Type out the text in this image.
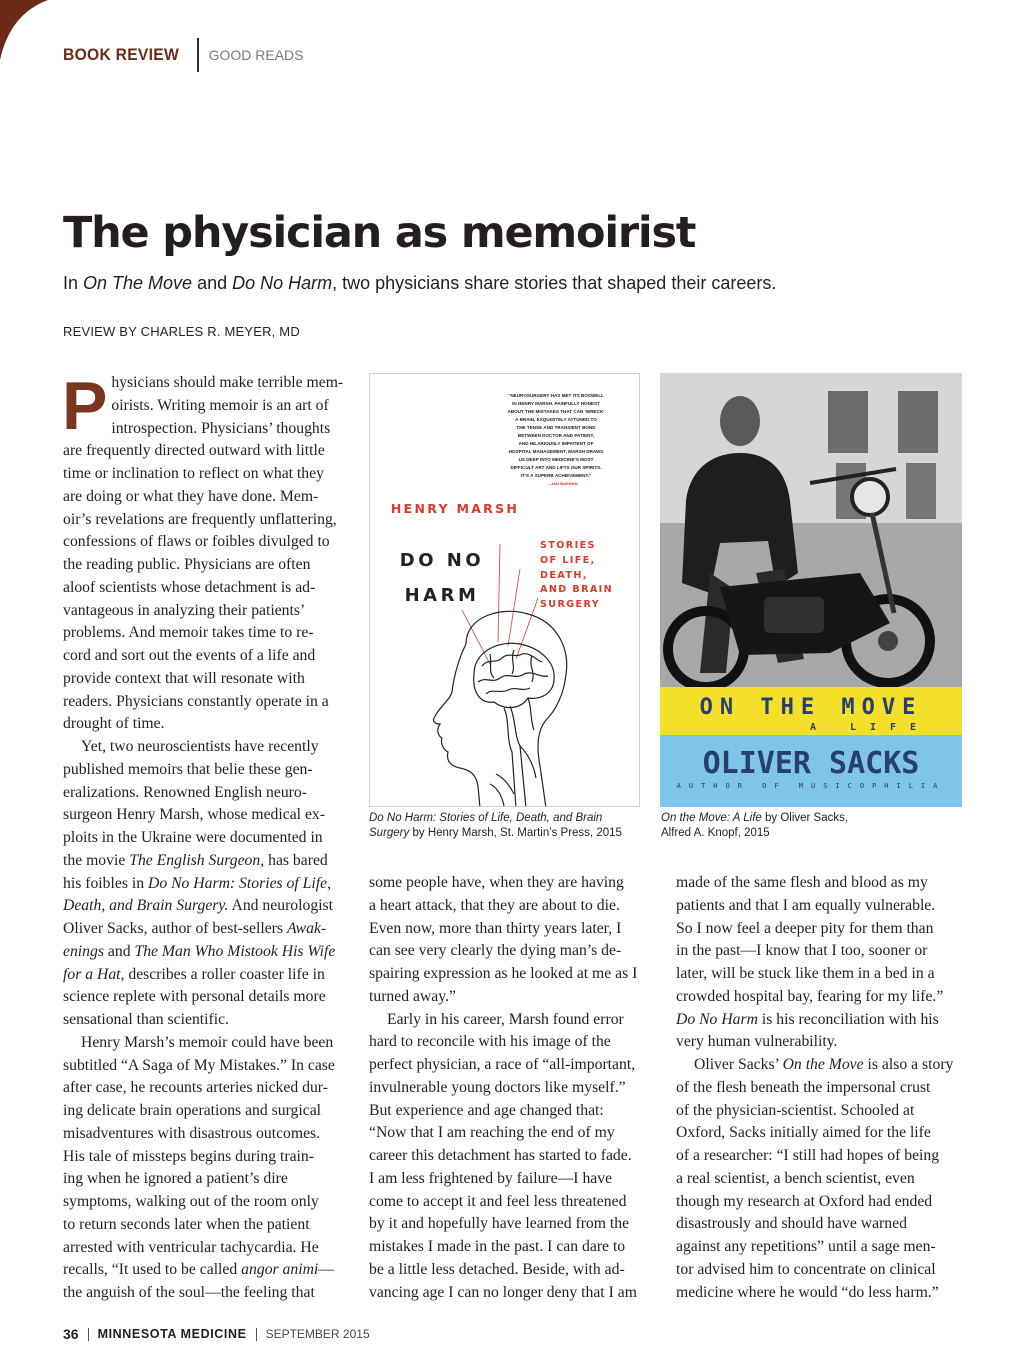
BOOK REVIEW GOOD READS
The physician as memoirist

In On The Move and Do No Harm, two physicians share stories that shaped their careers.

REVIEW BY CHARLES R. MEYER, MD

P hysicians should make terrible mem-
oirists. Writing memoir is an art of
introspection. Physicians’ thoughts
are frequently directed outward with little
time or inclination to reflect on what they
are doing or what they have done. Mem-
oir’s revelations are frequently unflattering,
confessions of flaws or foibles divulged to
the reading public. Physicians are often
aloof scientists whose detachment is ad-
vantageous in analyzing their patients’
problems. And memoir takes time to re-
cord and sort out the events of a life and
provide context that will resonate with
readers. Physicians constantly operate in a
drought of time.
Yet, two neuroscientists have recently
published memoirs that belie these gen-
eralizations. Renowned English neuro-
surgeon Henry Marsh, whose medical ex-
ploits in the Ukraine were documented in
the movie The English Surgeon, has bared
his foibles in Do No Harm: Stories of Life,
Death, and Brain Surgery. And neurologist
Oliver Sacks, author of best-sellers Awak-
enings and The Man Who Mistook His Wife
for a Hat, describes a roller coaster life in
science replete with personal details more
sensational than scientific.
Henry Marsh’s memoir could have been
subtitled “A Saga of My Mistakes.” In case
after case, he recounts arteries nicked dur-
ing delicate brain operations and surgical
misadventures with disastrous outcomes.
His tale of missteps begins during train-
ing when he ignored a patient’s dire
symptoms, walking out of the room only
to return seconds later when the patient
arrested with ventricular tachycardia. He
recalls, “It used to be called angor animi—
the anguish of the soul—the feeling that
“NEUROSURGERY HAS MET ITS BOSWELL
IN HENRY MARSH. PAINFULLY HONEST
ABOUT THE MISTAKES THAT CAN ‘WRECK’
A BRAIN, EXQUISITELY ATTUNED TO
THE TENSE AND TRANSIENT BOND
BETWEEN DOCTOR AND PATIENT,
AND HILARIOUSLY IMPATIENT OF
HOSPITAL MANAGEMENT, MARSH DRAWS
US DEEP INTO MEDICINE’S MOST
DIFFICULT ART AND LIFTS OUR SPIRITS.
IT’S A SUPERB ACHIEVEMENT.”
—IAN McEWAN
HENRY MARSH
DO NO
HARM
STORIES
OF LIFE,
DEATH,
AND BRAIN
SURGERY
ON THE MOVE
A LIFE
OLIVER SACKS
AUTHOR OF MUSICOPHILIA
Do No Harm: Stories of Life, Death, and Brain
Surgery by Henry Marsh, St. Martin’s Press, 2015
On the Move: A Life by Oliver Sacks,
Alfred A. Knopf, 2015
some people have, when they are having
a heart attack, that they are about to die.
Even now, more than thirty years later, I
can see very clearly the dying man’s de-
spairing expression as he looked at me as I
turned away.”
Early in his career, Marsh found error
hard to reconcile with his image of the
perfect physician, a race of “all-important,
invulnerable young doctors like myself.”
But experience and age changed that:
“Now that I am reaching the end of my
career this detachment has started to fade.
I am less frightened by failure—I have
come to accept it and feel less threatened
by it and hopefully have learned from the
mistakes I made in the past. I can dare to
be a little less detached. Beside, with ad-
vancing age I can no longer deny that I am
made of the same flesh and blood as my
patients and that I am equally vulnerable.
So I now feel a deeper pity for them than
in the past—I know that I too, sooner or
later, will be stuck like them in a bed in a
crowded hospital bay, fearing for my life.”
Do No Harm is his reconciliation with his
very human vulnerability.
Oliver Sacks’ On the Move is also a story
of the flesh beneath the impersonal crust
of the physician-scientist. Schooled at
Oxford, Sacks initially aimed for the life
of a researcher: “I still had hopes of being
a real scientist, a bench scientist, even
though my research at Oxford had ended
disastrously and should have warned
against any repetitions” until a sage men-
tor advised him to concentrate on clinical
medicine where he would “do less harm.”
36 MINNESOTA MEDICINE SEPTEMBER 2015
